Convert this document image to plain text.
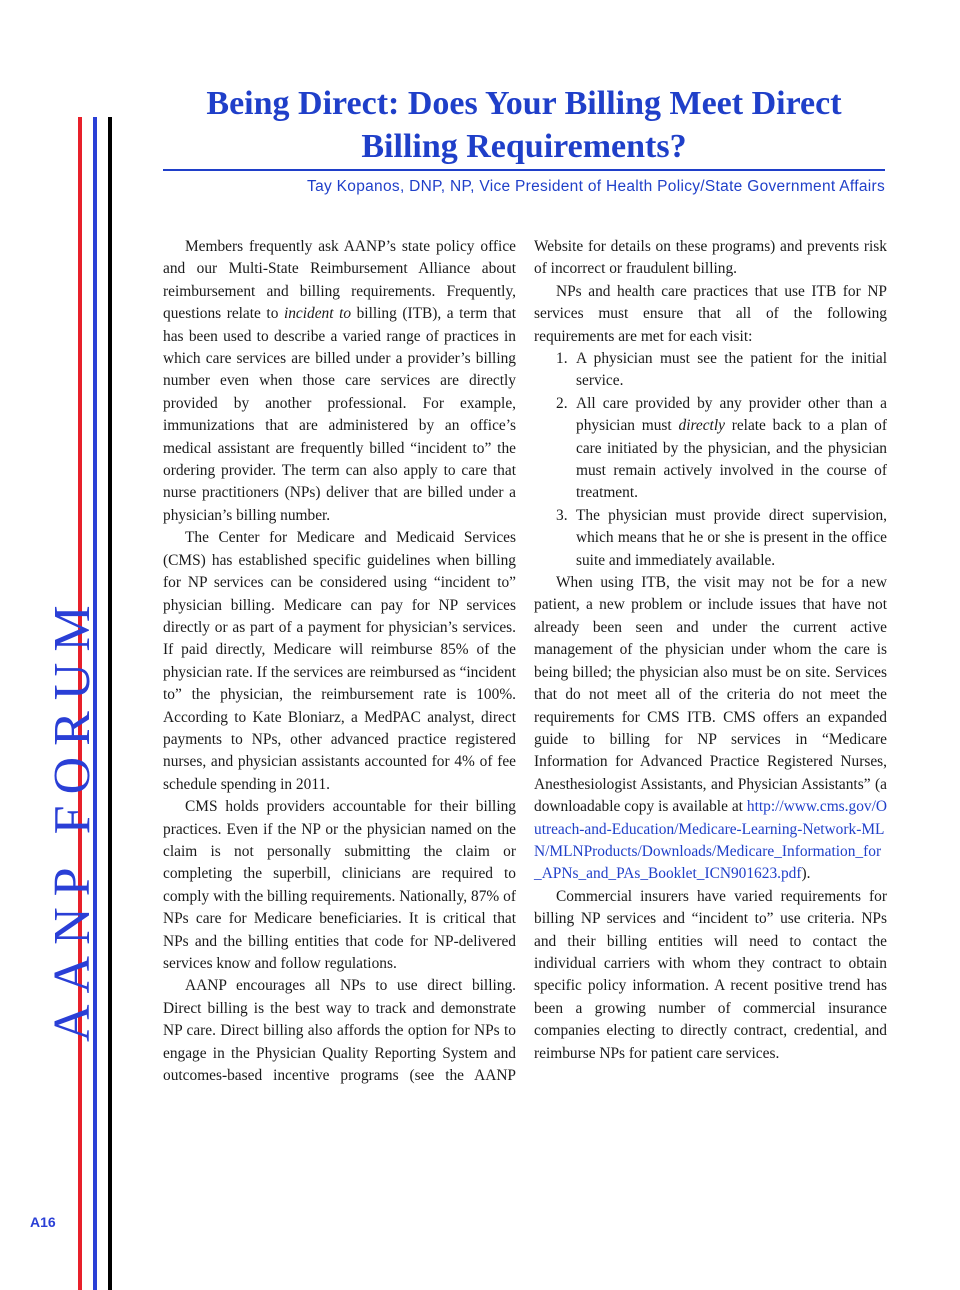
AANP FORUM
A16
Being Direct: Does Your Billing Meet Direct Billing Requirements?
Tay Kopanos, DNP, NP, Vice President of Health Policy/State Government Affairs

Members frequently ask AANP’s state policy office and our Multi-State Reimbursement Alliance about reimbursement and billing requirements. Frequently, questions relate to incident to billing (ITB), a term that has been used to describe a varied range of practices in which care services are billed under a provider’s billing number even when those care services are directly provided by another professional. For example, immunizations that are administered by an office’s medical assistant are frequently billed “incident to” the ordering provider. The term can also apply to care that nurse practitioners (NPs) deliver that are billed under a physician’s billing number.

The Center for Medicare and Medicaid Services (CMS) has established specific guidelines when billing for NP services can be considered using “incident to” physician billing. Medicare can pay for NP services directly or as part of a payment for physician’s services. If paid directly, Medicare will reimburse 85% of the physician rate. If the services are reimbursed as “incident to” the physician, the reimbursement rate is 100%. According to Kate Bloniarz, a MedPAC analyst, direct payments to NPs, other advanced practice registered nurses, and physician assistants accounted for 4% of fee schedule spending in 2011.

CMS holds providers accountable for their billing practices. Even if the NP or the physician named on the claim is not personally submitting the claim or completing the superbill, clinicians are required to comply with the billing requirements. Nationally, 87% of NPs care for Medicare beneficiaries. It is critical that NPs and the billing entities that code for NP-delivered services know and follow regulations.

AANP encourages all NPs to use direct billing. Direct billing is the best way to track and demonstrate NP care. Direct billing also affords the option for NPs to engage in the Physician Quality Reporting System and outcomes-based incentive programs (see the AANP

Website for details on these programs) and prevents risk of incorrect or fraudulent billing.

NPs and health care practices that use ITB for NP services must ensure that all of the following requirements are met for each visit:

1. A physician must see the patient for the initial service.
2. All care provided by any provider other than a physician must directly relate back to a plan of care initiated by the physician, and the physician must remain actively involved in the course of treatment.
3. The physician must provide direct supervision, which means that he or she is present in the office suite and immediately available.

When using ITB, the visit may not be for a new patient, a new problem or include issues that have not already been seen and under the current active management of the physician under whom the care is being billed; the physician also must be on site. Services that do not meet all of the criteria do not meet the requirements for CMS ITB. CMS offers an expanded guide to billing for NP services in “Medicare Information for Advanced Practice Registered Nurses, Anesthesiologist Assistants, and Physician Assistants” (a downloadable copy is available at http://www.cms.gov/Outreach-and-Education/Medicare-Learning-Network-MLN/MLNProducts/Downloads/Medicare_Information_for_APNs_and_PAs_Booklet_ICN901623.pdf).

Commercial insurers have varied requirements for billing NP services and “incident to” use criteria. NPs and their billing entities will need to contact the individual carriers with whom they contract to obtain specific policy information. A recent positive trend has been a growing number of commercial insurance companies electing to directly contract, credential, and reimburse NPs for patient care services.
